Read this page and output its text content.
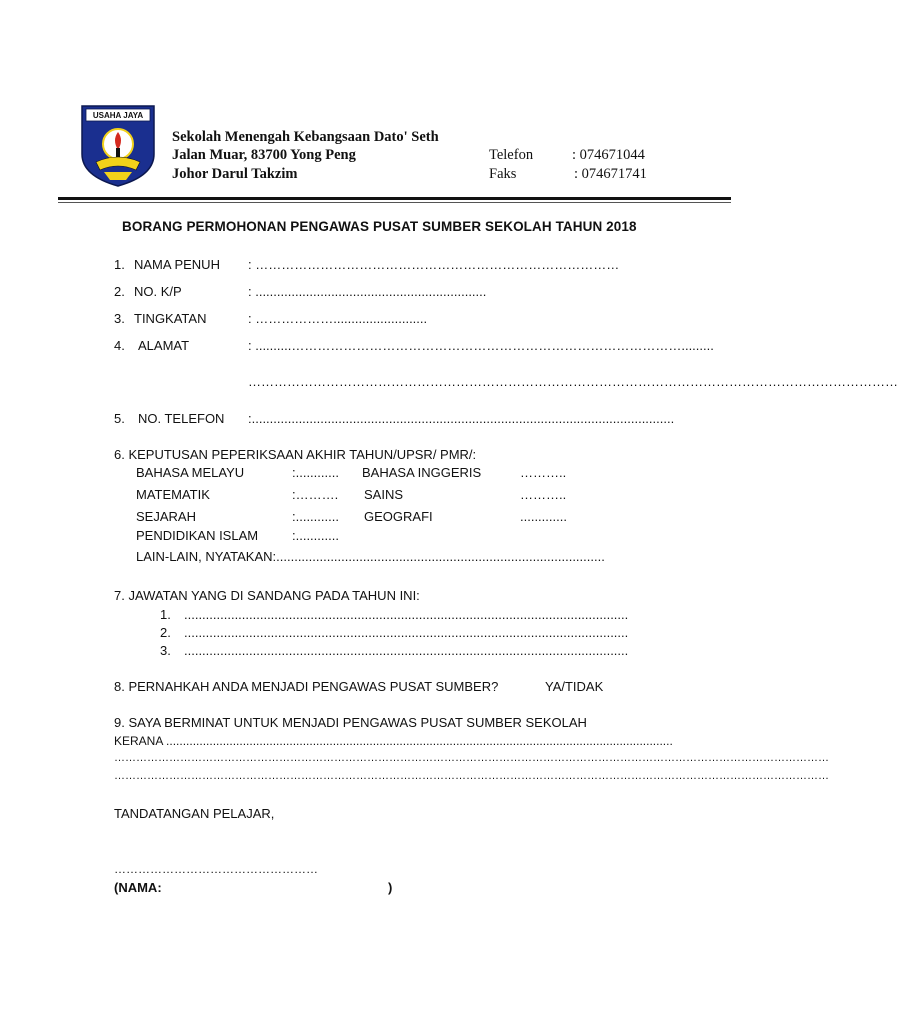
USAHA JAYA
Sekolah Menengah Kebangsaan Dato' Seth
Jalan Muar, 83700 Yong Peng
Johor Darul Takzim
Telefon	: 074671044
Faks	: 074671741
BORANG PERMOHONAN PENGAWAS PUSAT SUMBER SEKOLAH TAHUN 2018
1. NAMA PENUH : …………………………………………………………………………
2. NO. K/P	: ................................................................
3. TINGKATAN	: ………………..........................
4. ALAMAT	: ..........……………………………………………………………………………….........
……………………………………………………………………………………………………………………………………
5. NO. TELEFON :.....................................................................................................................
6. KEPUTUSAN PEPERIKSAAN AKHIR TAHUN/UPSR/ PMR/:
BAHASA MELAYU	:............ BAHASA INGGERIS	………..
MATEMATIK	:………. SAINS	………..
SEJARAH	:............ GEOGRAFI	.............
PENDIDIKAN ISLAM	:............
LAIN-LAIN, NYATAKAN:...........................................................................................
7. JAWATAN YANG DI SANDANG PADA TAHUN INI:
1. ...........................................................................................................................
2. ...........................................................................................................................
3. ...........................................................................................................................
8. PERNAHKAH ANDA MENJADI PENGAWAS PUSAT SUMBER?	YA/TIDAK
9. SAYA BERMINAT UNTUK MENJADI PENGAWAS PUSAT SUMBER SEKOLAH
KERANA ........................................................................................................................................................
……………………………………………………………………………………………………………………………………………………………………………
……………………………………………………………………………………………………………………………………………………………………………
TANDATANGAN PELAJAR,
……………………………………………
(NAMA:	)
